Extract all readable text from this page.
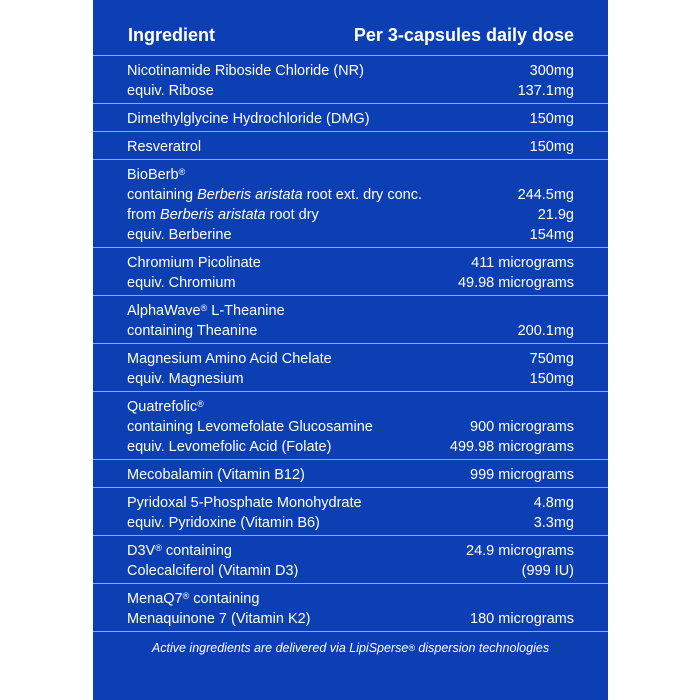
Ingredient	Per 3-capsules daily dose
Nicotinamide Riboside Chloride (NR)	300mg
equiv. Ribose	137.1mg
Dimethylglycine Hydrochloride (DMG)	150mg
Resveratrol	150mg
BioBerb®
containing Berberis aristata root ext. dry conc.	244.5mg
from Berberis aristata root dry	21.9g
equiv. Berberine	154mg
Chromium Picolinate	411 micrograms
equiv. Chromium	49.98 micrograms
AlphaWave® L-Theanine
containing Theanine	200.1mg
Magnesium Amino Acid Chelate	750mg
equiv. Magnesium	150mg
Quatrefolic®
containing Levomefolate Glucosamine	900 micrograms
equiv. Levomefolic Acid (Folate)	499.98 micrograms
Mecobalamin (Vitamin B12)	999 micrograms
Pyridoxal 5-Phosphate Monohydrate	4.8mg
equiv. Pyridoxine (Vitamin B6)	3.3mg
D3V® containing	24.9 micrograms
Colecalciferol (Vitamin D3)	(999 IU)
MenaQ7® containing
Menaquinone 7 (Vitamin K2)	180 micrograms
Active ingredients are delivered via LipiSperse® dispersion technologies
